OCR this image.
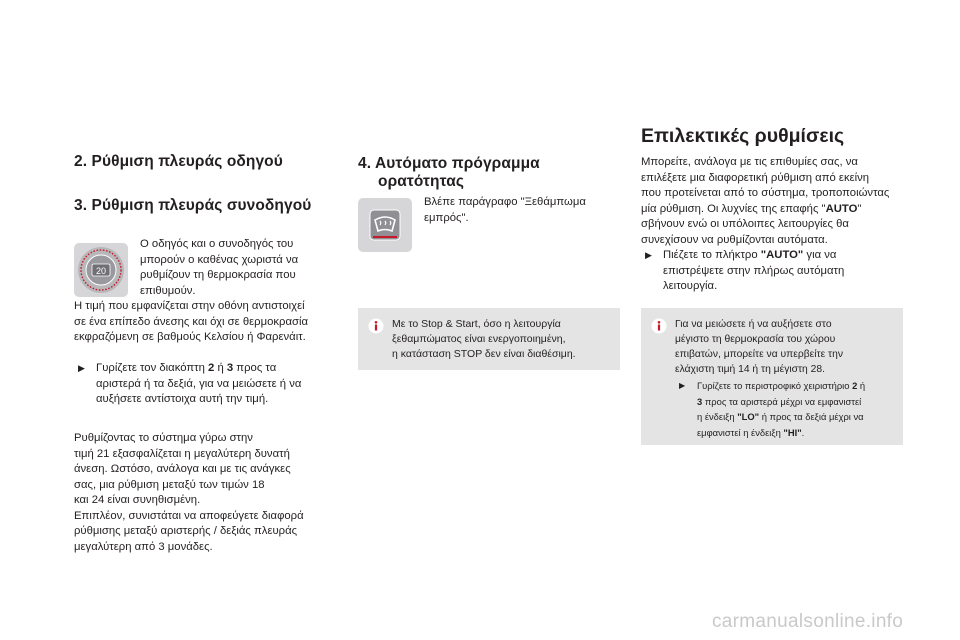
2. Ρύθμιση πλευράς οδηγού
3. Ρύθμιση πλευράς συνοδηγού
20
Ο οδηγός και ο συνοδηγός του
μπορούν ο καθένας χωριστά να
ρυθμίζουν τη θερμοκρασία που
επιθυμούν.
Η τιμή που εμφανίζεται στην οθόνη αντιστοιχεί
σε ένα επίπεδο άνεσης και όχι σε θερμοκρασία
εκφραζόμενη σε βαθμούς Κελσίου ή Φαρενάιτ.
▶ Γυρίζετε τον διακόπτη 2 ή 3 προς τα
αριστερά ή τα δεξιά, για να μειώσετε ή να
αυξήσετε αντίστοιχα αυτή την τιμή.
Ρυθμίζοντας το σύστημα γύρω στην
τιμή 21 εξασφαλίζεται η μεγαλύτερη δυνατή
άνεση. Ωστόσο, ανάλογα και με τις ανάγκες
σας, μια ρύθμιση μεταξύ των τιμών 18
και 24 είναι συνηθισμένη.
Επιπλέον, συνιστάται να αποφεύγετε διαφορά
ρύθμισης μεταξύ αριστερής / δεξιάς πλευράς
μεγαλύτερη από 3 μονάδες.
4. Αυτόματο πρόγραμμα
ορατότητας
Βλέπε παράγραφο "Ξεθάμπωμα
εμπρός".
Με το Stop & Start, όσο η λειτουργία
ξεθαμπώματος είναι ενεργοποιημένη,
η κατάσταση STOP δεν είναι διαθέσιμη.
Επιλεκτικές ρυθμίσεις
Μπορείτε, ανάλογα με τις επιθυμίες σας, να
επιλέξετε μια διαφορετική ρύθμιση από εκείνη
που προτείνεται από το σύστημα, τροποποιώντας
μία ρύθμιση. Οι λυχνίες της επαφής "AUTO"
σβήνουν ενώ οι υπόλοιπες λειτουργίες θα
συνεχίσουν να ρυθμίζονται αυτόματα.
▶ Πιέζετε το πλήκτρο "AUTO" για να
επιστρέψετε στην πλήρως αυτόματη
λειτουργία.
Για να μειώσετε ή να αυξήσετε στο
μέγιστο τη θερμοκρασία του χώρου
επιβατών, μπορείτε να υπερβείτε την
ελάχιστη τιμή 14 ή τη μέγιστη 28.
▶ Γυρίζετε το περιστροφικό χειριστήριο 2 ή
3 προς τα αριστερά μέχρι να εμφανιστεί
η ένδειξη "LO" ή προς τα δεξιά μέχρι να
εμφανιστεί η ένδειξη "HI".
carmanualsonline.info
